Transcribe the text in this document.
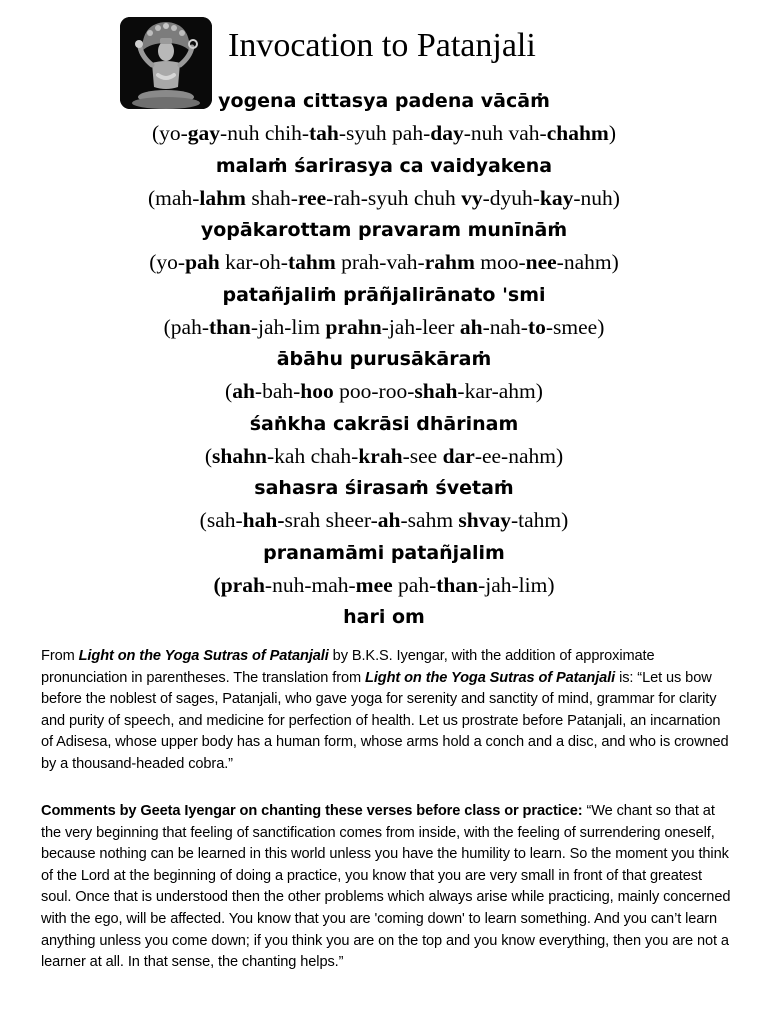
Invocation to Patanjali
yogena cittasya padena vācāṁ
(yo-gay-nuh chih-tah-syuh pah-day-nuh vah-chahm)
malaṁ śarirasya ca vaidyakena
(mah-lahm shah-ree-rah-syuh chuh vy-dyuh-kay-nuh)
yopākarottam pravaram munīnāṁ
(yo-pah kar-oh-tahm prah-vah-rahm moo-nee-nahm)
patañjaliṁ prāñjalirānato 'smi
(pah-than-jah-lim prahn-jah-leer ah-nah-to-smee)
ābāhu purusākāraṁ
(ah-bah-hoo poo-roo-shah-kar-ahm)
śaṅkha cakrāsi dhārinam
(shahn-kah chah-krah-see dar-ee-nahm)
sahasra śirasaṁ śvetaṁ
(sah-hah-srah sheer-ah-sahm shvay-tahm)
pranamāmi patañjalim
(prah-nuh-mah-mee pah-than-jah-lim)
hari om

From Light on the Yoga Sutras of Patanjali by B.K.S. Iyengar, with the addition of approximate pronunciation in parentheses. The translation from Light on the Yoga Sutras of Patanjali is: “Let us bow before the noblest of sages, Patanjali, who gave yoga for serenity and sanctity of mind, grammar for clarity and purity of speech, and medicine for perfection of health. Let us prostrate before Patanjali, an incarnation of Adisesa, whose upper body has a human form, whose arms hold a conch and a disc, and who is crowned by a thousand-headed cobra.”

Comments by Geeta Iyengar on chanting these verses before class or practice: “We chant so that at the very beginning that feeling of sanctification comes from inside, with the feeling of surrendering oneself, because nothing can be learned in this world unless you have the humility to learn. So the moment you think of the Lord at the beginning of doing a practice, you know that you are very small in front of that greatest soul. Once that is understood then the other problems which always arise while practicing, mainly concerned with the ego, will be affected. You know that you are 'coming down' to learn something. And you can’t learn anything unless you come down; if you think you are on the top and you know everything, then you are not a learner at all. In that sense, the chanting helps.”
